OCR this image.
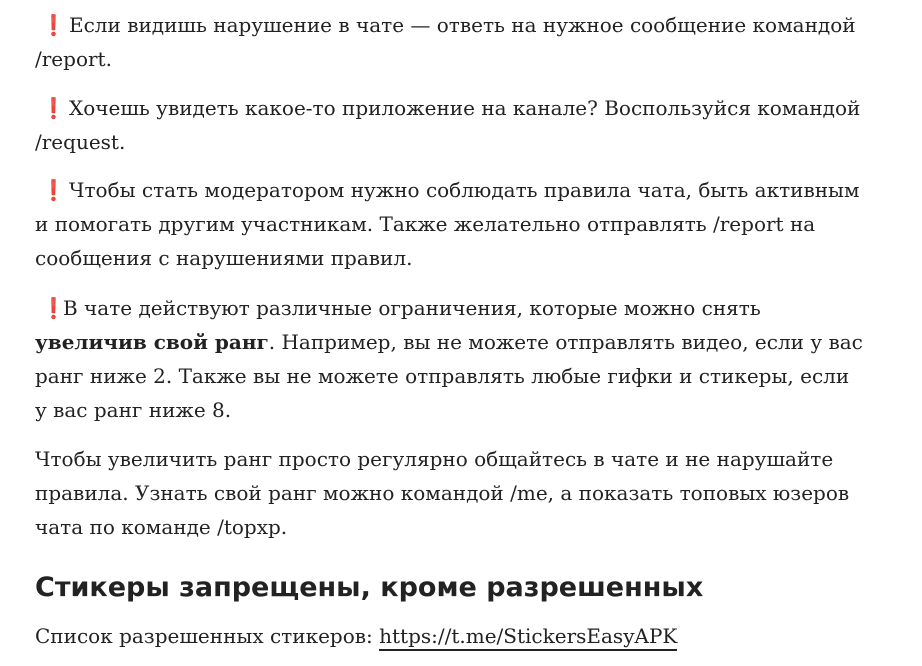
❗ Если видишь нарушение в чате — ответь на нужное сообщение командой /report.

❗ Хочешь увидеть какое-то приложение на канале? Воспользуйся командой /request.

❗ Чтобы стать модератором нужно соблюдать правила чата, быть активным и помогать другим участникам. Также желательно отправлять /report на сообщения с нарушениями правил.

❗В чате действуют различные ограничения, которые можно снять увеличив свой ранг. Например, вы не можете отправлять видео, если у вас ранг ниже 2. Также вы не можете отправлять любые гифки и стикеры, если у вас ранг ниже 8.

Чтобы увеличить ранг просто регулярно общайтесь в чате и не нарушайте правила. Узнать свой ранг можно командой /me, а показать топовых юзеров чата по команде /topxp.

Стикеры запрещены, кроме разрешенных

Список разрешенных стикеров: https://t.me/StickersEasyAPK
